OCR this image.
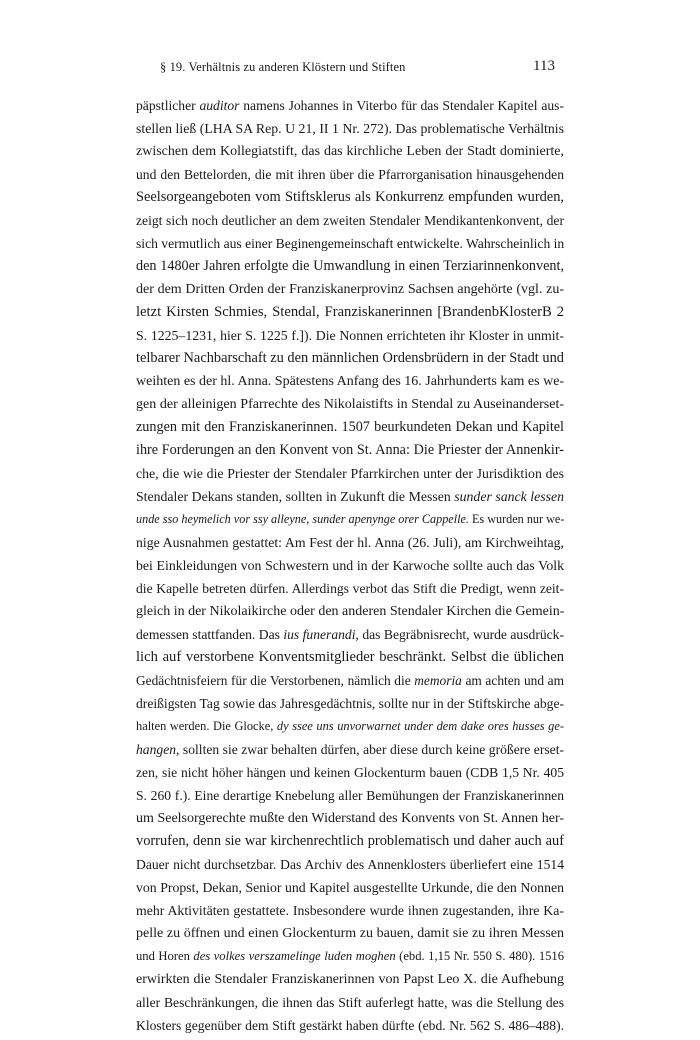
§ 19. Verhältnis zu anderen Klöstern und Stiften	113
päpstlicher auditor namens Johannes in Viterbo für das Stendaler Kapitel aus-
stellen ließ (LHA SA Rep. U 21, II 1 Nr. 272). Das problematische Verhältnis
zwischen dem Kollegiatstift, das das kirchliche Leben der Stadt dominierte,
und den Bettelorden, die mit ihren über die Pfarrorganisation hinausgehenden
Seelsorgeangeboten vom Stiftsklerus als Konkurrenz empfunden wurden,
zeigt sich noch deutlicher an dem zweiten Stendaler Mendikantenkonvent, der
sich vermutlich aus einer Beginengemeinschaft entwickelte. Wahrscheinlich in
den 1480er Jahren erfolgte die Umwandlung in einen Terziarinnenkonvent,
der dem Dritten Orden der Franziskanerprovinz Sachsen angehörte (vgl. zu-
letzt Kirsten Schmies, Stendal, Franziskanerinnen [BrandenbKlosterB 2
S. 1225–1231, hier S. 1225 f.]). Die Nonnen errichteten ihr Kloster in unmit-
telbarer Nachbarschaft zu den männlichen Ordensbrüdern in der Stadt und
weihten es der hl. Anna. Spätestens Anfang des 16. Jahrhunderts kam es we-
gen der alleinigen Pfarrechte des Nikolaistifts in Stendal zu Auseinanderset-
zungen mit den Franziskanerinnen. 1507 beurkundeten Dekan und Kapitel
ihre Forderungen an den Konvent von St. Anna: Die Priester der Annenkir-
che, die wie die Priester der Stendaler Pfarrkirchen unter der Jurisdiktion des
Stendaler Dekans standen, sollten in Zukunft die Messen sunder sanck lessen
unde sso heymelich vor ssy alleyne, sunder apenynge orer Cappelle. Es wurden nur we-
nige Ausnahmen gestattet: Am Fest der hl. Anna (26. Juli), am Kirchweihtag,
bei Einkleidungen von Schwestern und in der Karwoche sollte auch das Volk
die Kapelle betreten dürfen. Allerdings verbot das Stift die Predigt, wenn zeit-
gleich in der Nikolaikirche oder den anderen Stendaler Kirchen die Gemein-
demessen stattfanden. Das ius funerandi, das Begräbnisrecht, wurde ausdrück-
lich auf verstorbene Konventsmitglieder beschränkt. Selbst die üblichen
Gedächtnisfeiern für die Verstorbenen, nämlich die memoria am achten und am
dreißigsten Tag sowie das Jahresgedächtnis, sollte nur in der Stiftskirche abge-
halten werden. Die Glocke, dy ssee uns unvorwarnet under dem dake ores husses ge-
hangen, sollten sie zwar behalten dürfen, aber diese durch keine größere erset-
zen, sie nicht höher hängen und keinen Glockenturm bauen (CDB 1,5 Nr. 405
S. 260 f.). Eine derartige Knebelung aller Bemühungen der Franziskanerinnen
um Seelsorgerechte mußte den Widerstand des Konvents von St. Annen her-
vorrufen, denn sie war kirchenrechtlich problematisch und daher auch auf
Dauer nicht durchsetzbar. Das Archiv des Annenklosters überliefert eine 1514
von Propst, Dekan, Senior und Kapitel ausgestellte Urkunde, die den Nonnen
mehr Aktivitäten gestattete. Insbesondere wurde ihnen zugestanden, ihre Ka-
pelle zu öffnen und einen Glockenturm zu bauen, damit sie zu ihren Messen
und Horen des volkes verszamelinge luden moghen (ebd. 1,15 Nr. 550 S. 480). 1516
erwirkten die Stendaler Franziskanerinnen von Papst Leo X. die Aufhebung
aller Beschränkungen, die ihnen das Stift auferlegt hatte, was die Stellung des
Klosters gegenüber dem Stift gestärkt haben dürfte (ebd. Nr. 562 S. 486–488).
